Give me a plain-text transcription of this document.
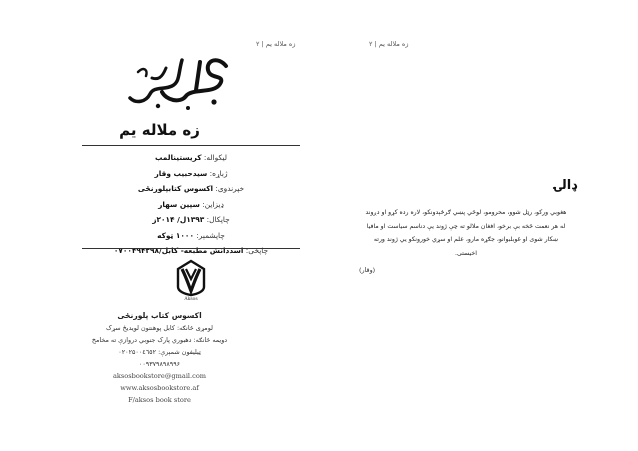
زه ملاله يم | ۲
زه ملاله يم
ليکواله: کريستينالمب
ژباړه: سيدحبيب وقار
خپرندوی: اکسوس کتابپلورنځی
ډيزاين: سپين سهار
چاپکال: ۱۳۹۳ل/ ۲۰۱۴ز
چاپشمېر: ۱۰۰۰ ټوکه
چاپځی: اسددانش مطبعه- کابل/۰۷۰۰۴۹۴۲۹۸
Aksos
اکسوس کتاب پلورنځی
لومړی څانګه: کابل پوهنتون لويديځ سړک
دويمه څانګه: دهبوري پارک جنوبي دروازې ته مخامخ
ټيليفون شمېرې: ۰۲۰۲۵۰۰٤٦٥٢
۰۰۹۳۷۹۸۹۸۹۹۶
aksosbookstore@gmail.com
www.aksosbookstore.af
F/aksos book store
زه ملاله يم | ۲
ډالۍ
هغوبي ورکو، رټل شوو، محرومو، لوڅي پښي ګرځېدونکو، لاره رده کړو او دږوند
له هر نعمت څخه بې برخو، افغان ملالو ته چې ژوند يې دناسم سياست او مافيا
ښکار شوی او غوبلبوانو، جګړه مارو، علم او سړي خورونکو يي ژوند ورته
اخيستی.
(وقار)
